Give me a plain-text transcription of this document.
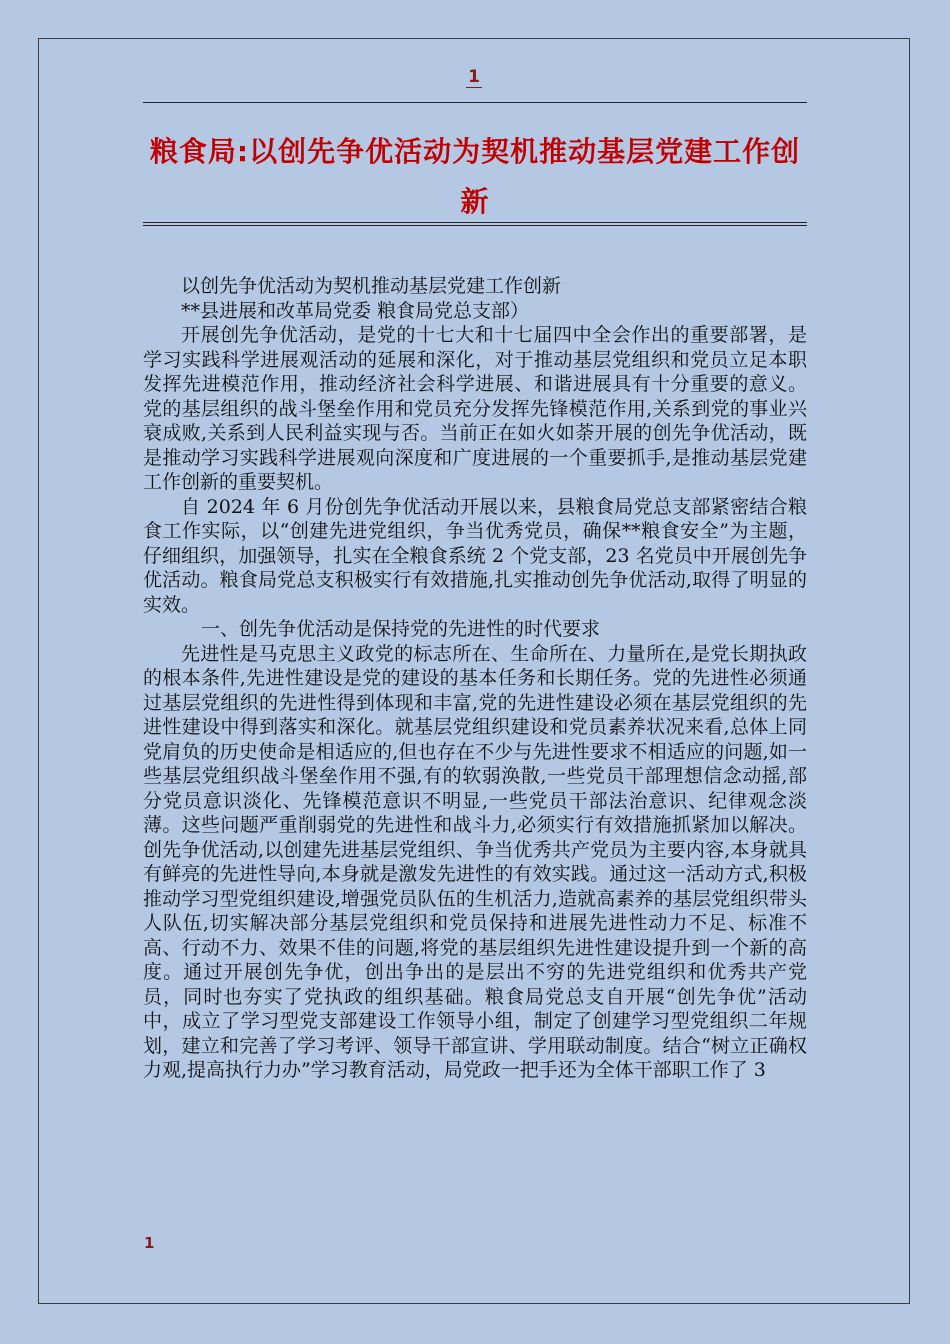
1
粮食局:以创先争优活动为契机推动基层党建工作创新

以创先争优活动为契机推动基层党建工作创新

**县进展和改革局党委 粮食局党总支部）

开展创先争优活动，是党的十七大和十七届四中全会作出的重要部署，是学习实践科学进展观活动的延展和深化，对于推动基层党组织和党员立足本职发挥先进模范作用，推动经济社会科学进展、和谐进展具有十分重要的意义。党的基层组织的战斗堡垒作用和党员充分发挥先锋模范作用,关系到党的事业兴衰成败,关系到人民利益实现与否。当前正在如火如荼开展的创先争优活动，既是推动学习实践科学进展观向深度和广度进展的一个重要抓手,是推动基层党建工作创新的重要契机。

自 2024 年 6 月份创先争优活动开展以来，县粮食局党总支部紧密结合粮食工作实际，以“创建先进党组织，争当优秀党员，确保**粮食安全”为主题，仔细组织，加强领导，扎实在全粮食系统 2 个党支部，23 名党员中开展创先争优活动。粮食局党总支积极实行有效措施,扎实推动创先争优活动,取得了明显的实效。

一、创先争优活动是保持党的先进性的时代要求

先进性是马克思主义政党的标志所在、生命所在、力量所在,是党长期执政的根本条件,先进性建设是党的建设的基本任务和长期任务。党的先进性必须通过基层党组织的先进性得到体现和丰富,党的先进性建设必须在基层党组织的先进性建设中得到落实和深化。就基层党组织建设和党员素养状况来看,总体上同党肩负的历史使命是相适应的,但也存在不少与先进性要求不相适应的问题,如一些基层党组织战斗堡垒作用不强,有的软弱涣散,一些党员干部理想信念动摇,部分党员意识淡化、先锋模范意识不明显,一些党员干部法治意识、纪律观念淡薄。这些问题严重削弱党的先进性和战斗力,必须实行有效措施抓紧加以解决。创先争优活动,以创建先进基层党组织、争当优秀共产党员为主要内容,本身就具有鲜亮的先进性导向,本身就是激发先进性的有效实践。通过这一活动方式,积极推动学习型党组织建设,增强党员队伍的生机活力,造就高素养的基层党组织带头人队伍,切实解决部分基层党组织和党员保持和进展先进性动力不足、标准不高、行动不力、效果不佳的问题,将党的基层组织先进性建设提升到一个新的高度。通过开展创先争优，创出争出的是层出不穷的先进党组织和优秀共产党员，同时也夯实了党执政的组织基础。粮食局党总支自开展“创先争优”活动中，成立了学习型党支部建设工作领导小组，制定了创建学习型党组织二年规划，建立和完善了学习考评、领导干部宣讲、学用联动制度。结合“树立正确权力观,提高执行力办”学习教育活动，局党政一把手还为全体干部职工作了 3

1
